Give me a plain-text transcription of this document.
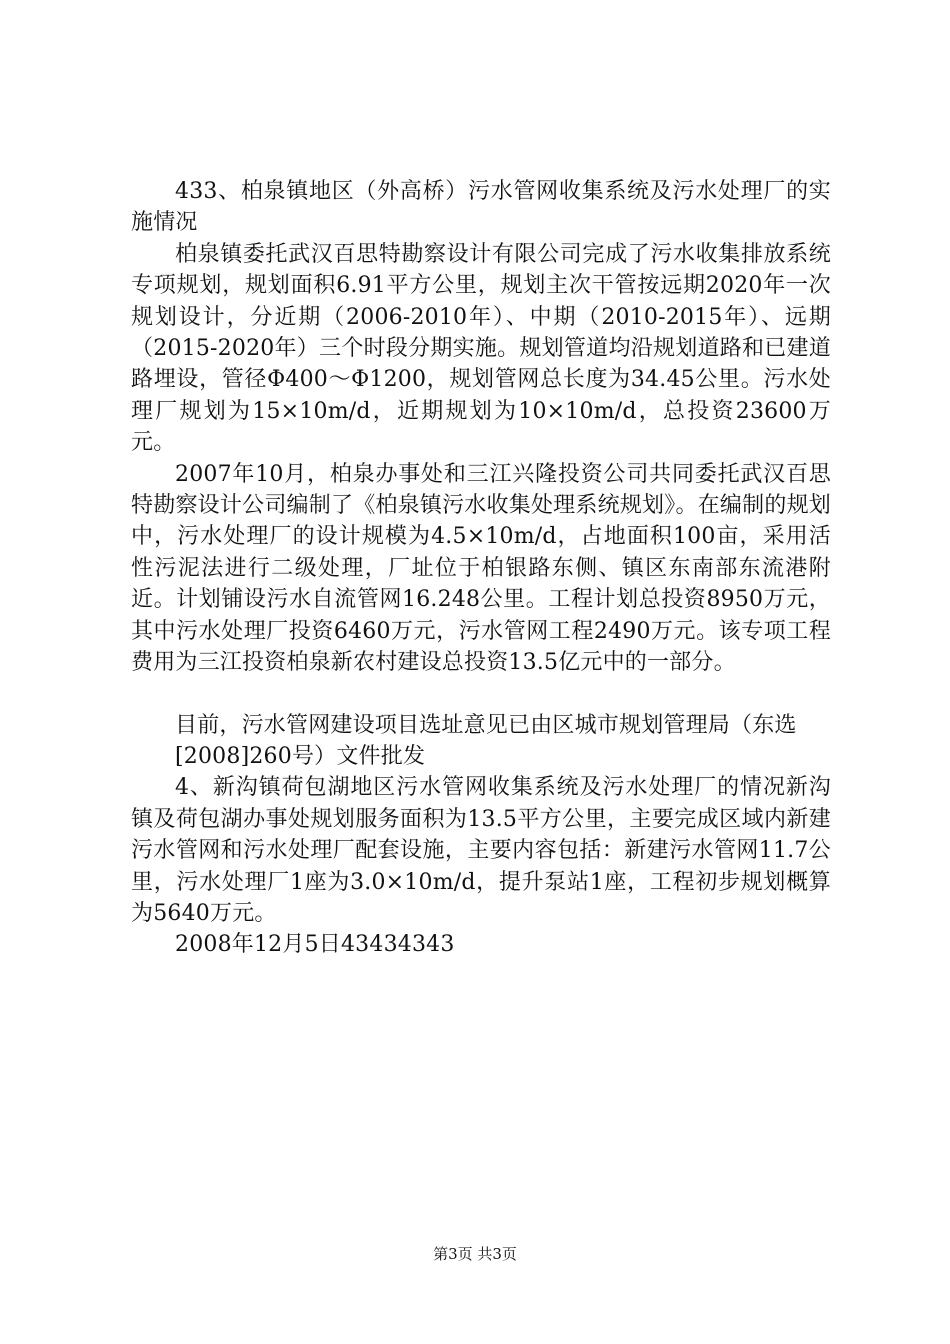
433、柏泉镇地区（外高桥）污水管网收集系统及污水处理厂的实施情况

柏泉镇委托武汉百思特勘察设计有限公司完成了污水收集排放系统专项规划，规划面积6.91平方公里，规划主次干管按远期2020年一次规划设计，分近期（2006-2010年）、中期（2010-2015年）、远期（2015-2020年）三个时段分期实施。规划管道均沿规划道路和已建道路埋设，管径Φ400～Φ1200，规划管网总长度为34.45公里。污水处理厂规划为15×10m/d，近期规划为10×10m/d，总投资23600万元。

2007年10月，柏泉办事处和三江兴隆投资公司共同委托武汉百思特勘察设计公司编制了《柏泉镇污水收集处理系统规划》。在编制的规划中，污水处理厂的设计规模为4.5×10m/d，占地面积100亩，采用活性污泥法进行二级处理，厂址位于柏银路东侧、镇区东南部东流港附近。计划铺设污水自流管网16.248公里。工程计划总投资8950万元，其中污水处理厂投资6460万元，污水管网工程2490万元。该专项工程费用为三江投资柏泉新农村建设总投资13.5亿元中的一部分。

目前，污水管网建设项目选址意见已由区城市规划管理局（东选

[2008]260号）文件批发

4、新沟镇荷包湖地区污水管网收集系统及污水处理厂的情况新沟镇及荷包湖办事处规划服务面积为13.5平方公里，主要完成区域内新建污水管网和污水处理厂配套设施，主要内容包括：新建污水管网11.7公里，污水处理厂1座为3.0×10m/d，提升泵站1座，工程初步规划概算为5640万元。

2008年12月5日43434343

第3页 共3页
